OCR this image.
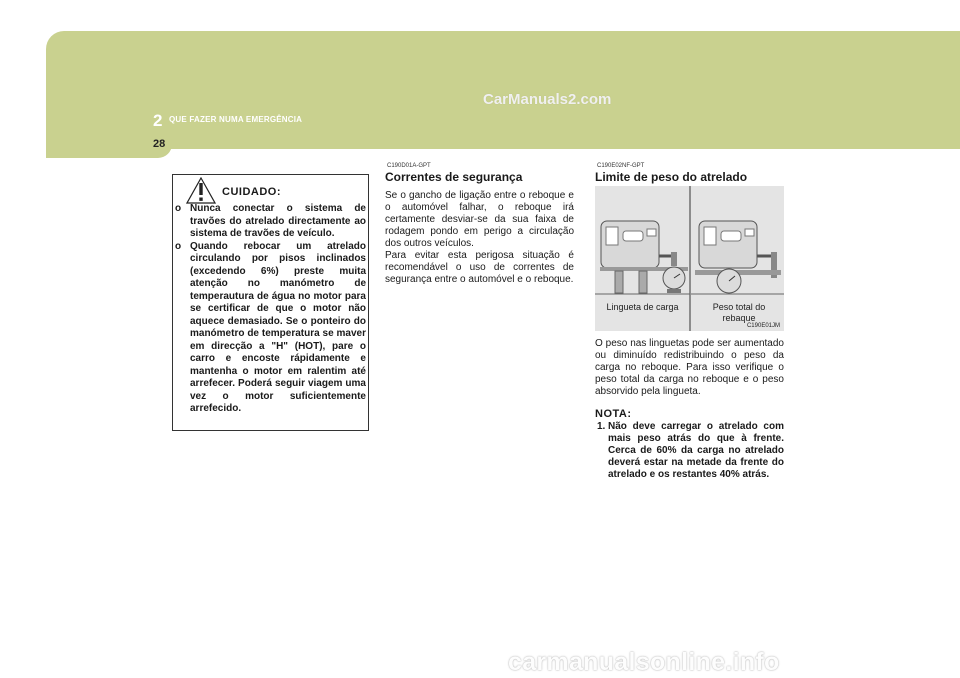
2 QUE FAZER NUMA EMERGÊNCIA
28
CarManuals2.com
CUIDADO:
o Nunca conectar o sistema de travões do atrelado directamente ao sistema de travões de veículo.
o Quando rebocar um atrelado circulando por pisos inclinados (excedendo 6%) preste muita atenção no manómetro de temperautura de água no motor para se certificar de que o motor não aquece demasiado. Se o ponteiro do manómetro de temperatura se maver em direcção a "H" (HOT), pare o carro e encoste rápidamente e mantenha o motor em ralentim até arrefecer. Poderá seguir viagem uma vez o motor suficientemente arrefecido.
C190D01A-GPT
Correntes de segurança

Se o gancho de ligação entre o reboque e o automóvel falhar, o reboque irá certamente desviar-se da sua faixa de rodagem pondo em perigo a circulação dos outros veículos.

Para evitar esta perigosa situação é recomendável o uso de correntes de segurança entre o automóvel e o reboque.

C190E02NF-GPT
Limite de peso do atrelado
Lingueta de carga	Peso total do rebaque
C190E01JM

O peso nas linguetas pode ser aumentado ou diminuído redistribuindo o peso da carga no reboque. Para isso verifique o peso total da carga no reboque e o peso absorvido pela lingueta.

NOTA:
1. Não deve carregar o atrelado com mais peso atrás do que à frente. Cerca de 60% da carga no atrelado deverá estar na metade da frente do atrelado e os restantes 40% atrás.
carmanualsonline.info
